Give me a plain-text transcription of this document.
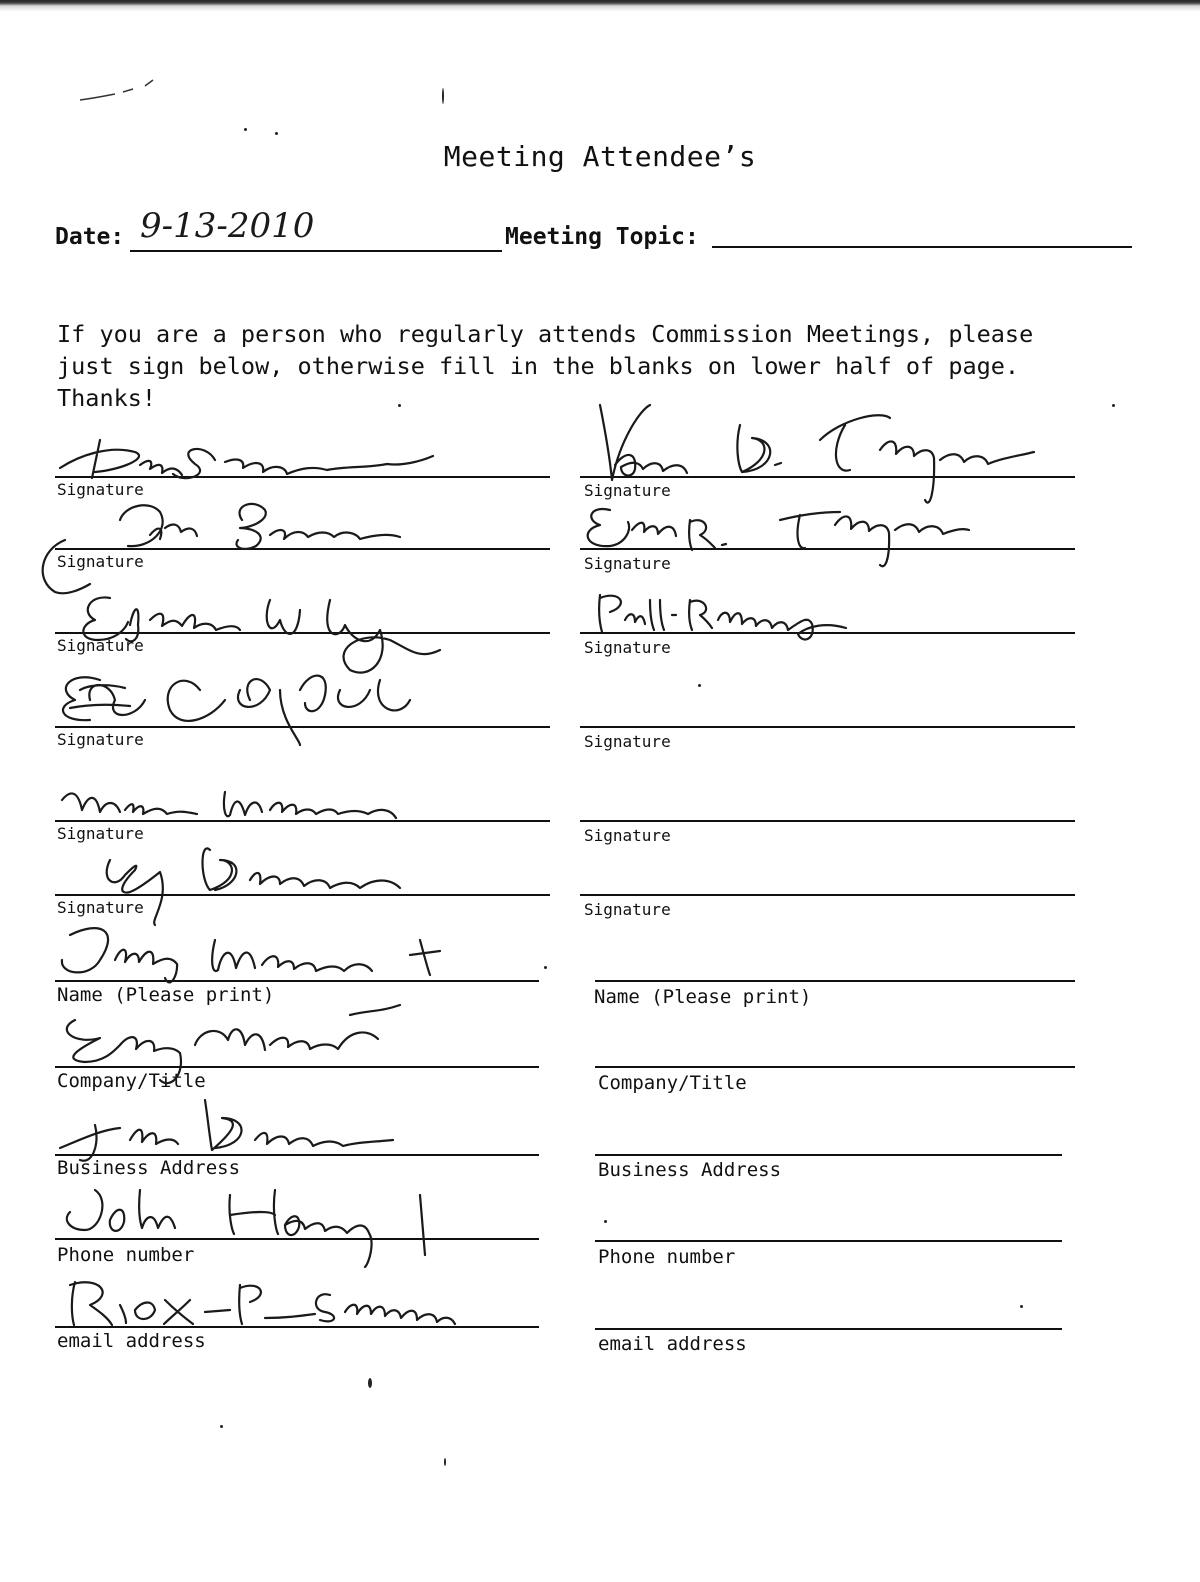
Meeting Attendee’s
Date: 9-13-2010	Meeting Topic:
If you are a person who regularly attends Commission Meetings, please
just sign below, otherwise fill in the blanks on lower half of page.
Thanks!
Signature
Signature
Signature
Signature
Signature
Signature
Name (Please print)
Company/Title
Business Address
Phone number
email address
Signature
Signature
Signature
Signature
Signature
Signature
Name (Please print)
Company/Title
Business Address
Phone number
email address
